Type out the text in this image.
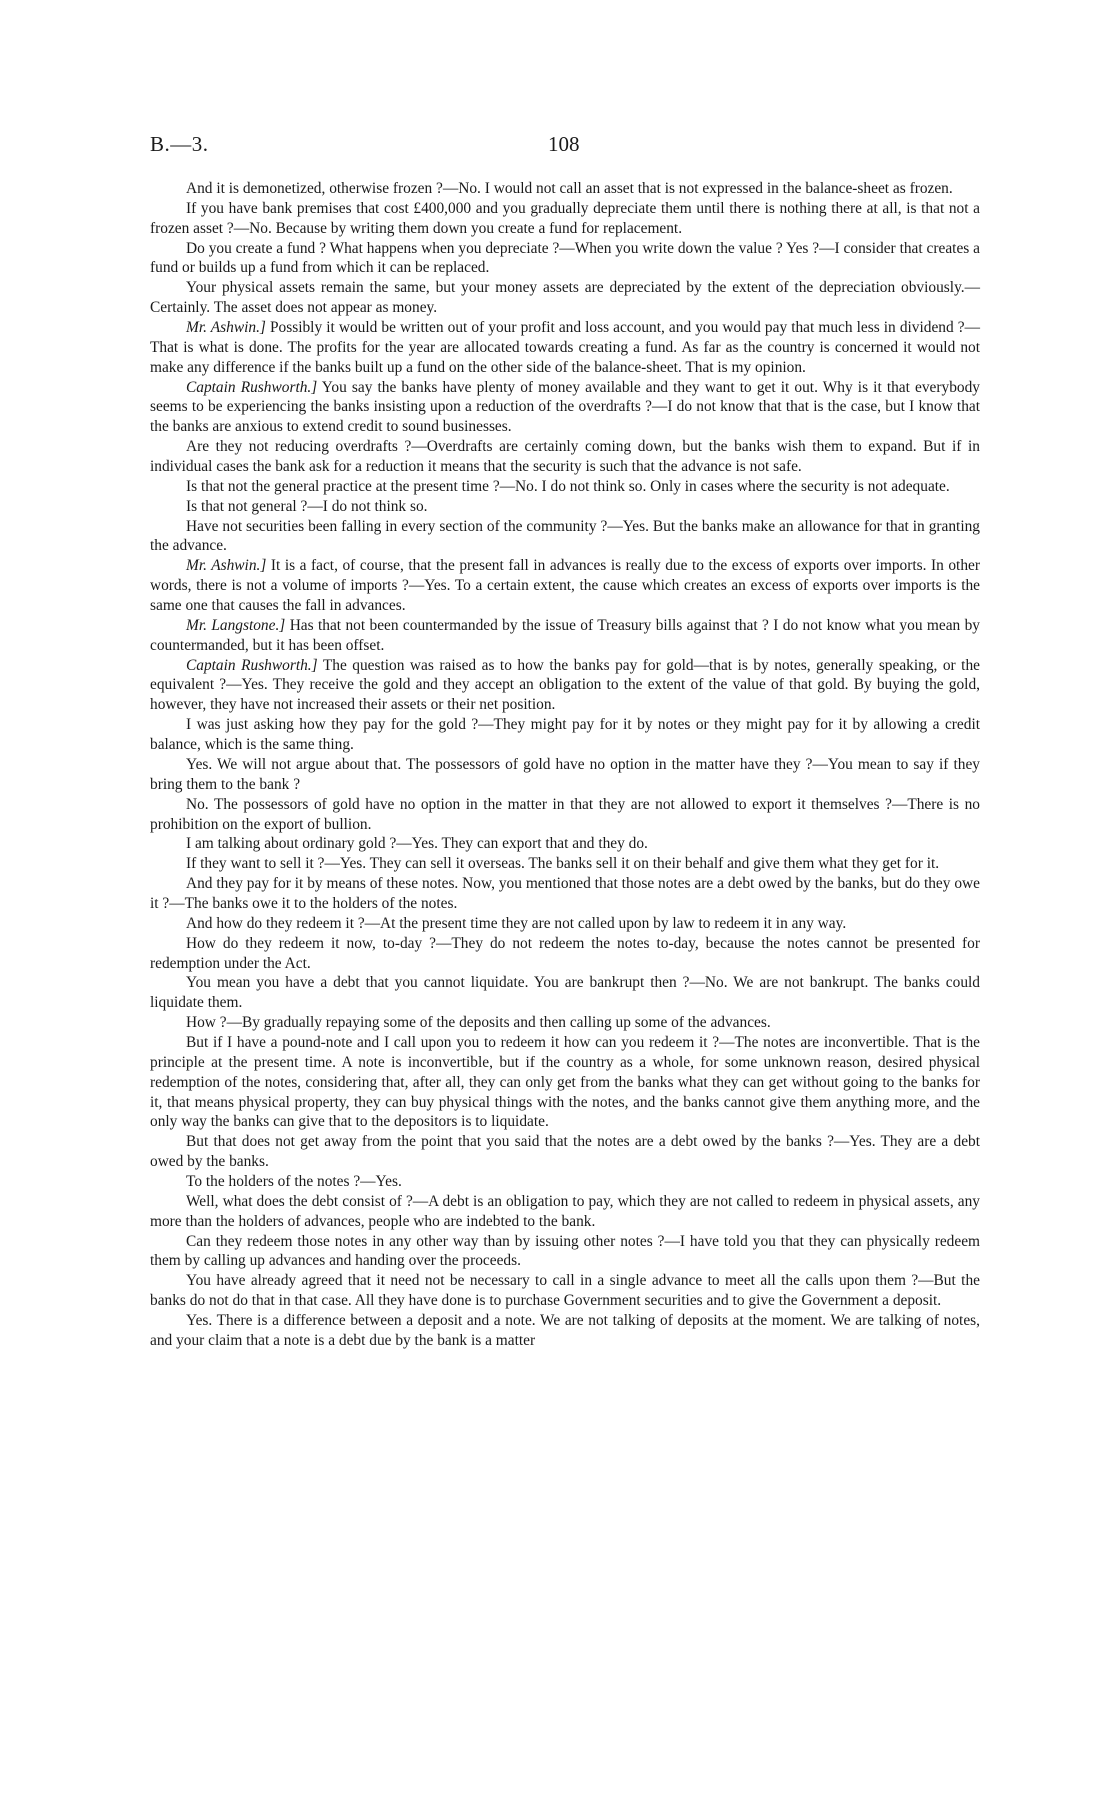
B.—3.	108

And it is demonetized, otherwise frozen ?—No. I would not call an asset that is not expressed in the balance-sheet as frozen.

If you have bank premises that cost £400,000 and you gradually depreciate them until there is nothing there at all, is that not a frozen asset ?—No. Because by writing them down you create a fund for replacement.

Do you create a fund ? What happens when you depreciate ?—When you write down the value ? Yes ?—I consider that creates a fund or builds up a fund from which it can be replaced.

Your physical assets remain the same, but your money assets are depreciated by the extent of the depreciation obviously.—Certainly. The asset does not appear as money.

Mr. Ashwin.] Possibly it would be written out of your profit and loss account, and you would pay that much less in dividend ?—That is what is done. The profits for the year are allocated towards creating a fund. As far as the country is concerned it would not make any difference if the banks built up a fund on the other side of the balance-sheet. That is my opinion.

Captain Rushworth.] You say the banks have plenty of money available and they want to get it out. Why is it that everybody seems to be experiencing the banks insisting upon a reduction of the overdrafts ?—I do not know that that is the case, but I know that the banks are anxious to extend credit to sound businesses.

Are they not reducing overdrafts ?—Overdrafts are certainly coming down, but the banks wish them to expand. But if in individual cases the bank ask for a reduction it means that the security is such that the advance is not safe.

Is that not the general practice at the present time ?—No. I do not think so. Only in cases where the security is not adequate.

Is that not general ?—I do not think so.

Have not securities been falling in every section of the community ?—Yes. But the banks make an allowance for that in granting the advance.

Mr. Ashwin.] It is a fact, of course, that the present fall in advances is really due to the excess of exports over imports. In other words, there is not a volume of imports ?—Yes. To a certain extent, the cause which creates an excess of exports over imports is the same one that causes the fall in advances.

Mr. Langstone.] Has that not been countermanded by the issue of Treasury bills against that ? I do not know what you mean by countermanded, but it has been offset.

Captain Rushworth.] The question was raised as to how the banks pay for gold—that is by notes, generally speaking, or the equivalent ?—Yes. They receive the gold and they accept an obligation to the extent of the value of that gold. By buying the gold, however, they have not increased their assets or their net position.

I was just asking how they pay for the gold ?—They might pay for it by notes or they might pay for it by allowing a credit balance, which is the same thing.

Yes. We will not argue about that. The possessors of gold have no option in the matter have they ?—You mean to say if they bring them to the bank ?

No. The possessors of gold have no option in the matter in that they are not allowed to export it themselves ?—There is no prohibition on the export of bullion.

I am talking about ordinary gold ?—Yes. They can export that and they do.

If they want to sell it ?—Yes. They can sell it overseas. The banks sell it on their behalf and give them what they get for it.

And they pay for it by means of these notes. Now, you mentioned that those notes are a debt owed by the banks, but do they owe it ?—The banks owe it to the holders of the notes.

And how do they redeem it ?—At the present time they are not called upon by law to redeem it in any way.

How do they redeem it now, to-day ?—They do not redeem the notes to-day, because the notes cannot be presented for redemption under the Act.

You mean you have a debt that you cannot liquidate. You are bankrupt then ?—No. We are not bankrupt. The banks could liquidate them.

How ?—By gradually repaying some of the deposits and then calling up some of the advances.

But if I have a pound-note and I call upon you to redeem it how can you redeem it ?—The notes are inconvertible. That is the principle at the present time. A note is inconvertible, but if the country as a whole, for some unknown reason, desired physical redemption of the notes, considering that, after all, they can only get from the banks what they can get without going to the banks for it, that means physical property, they can buy physical things with the notes, and the banks cannot give them anything more, and the only way the banks can give that to the depositors is to liquidate.

But that does not get away from the point that you said that the notes are a debt owed by the banks ?—Yes. They are a debt owed by the banks.

To the holders of the notes ?—Yes.

Well, what does the debt consist of ?—A debt is an obligation to pay, which they are not called to redeem in physical assets, any more than the holders of advances, people who are indebted to the bank.

Can they redeem those notes in any other way than by issuing other notes ?—I have told you that they can physically redeem them by calling up advances and handing over the proceeds.

You have already agreed that it need not be necessary to call in a single advance to meet all the calls upon them ?—But the banks do not do that in that case. All they have done is to purchase Government securities and to give the Government a deposit.

Yes. There is a difference between a deposit and a note. We are not talking of deposits at the moment. We are talking of notes, and your claim that a note is a debt due by the bank is a matter
